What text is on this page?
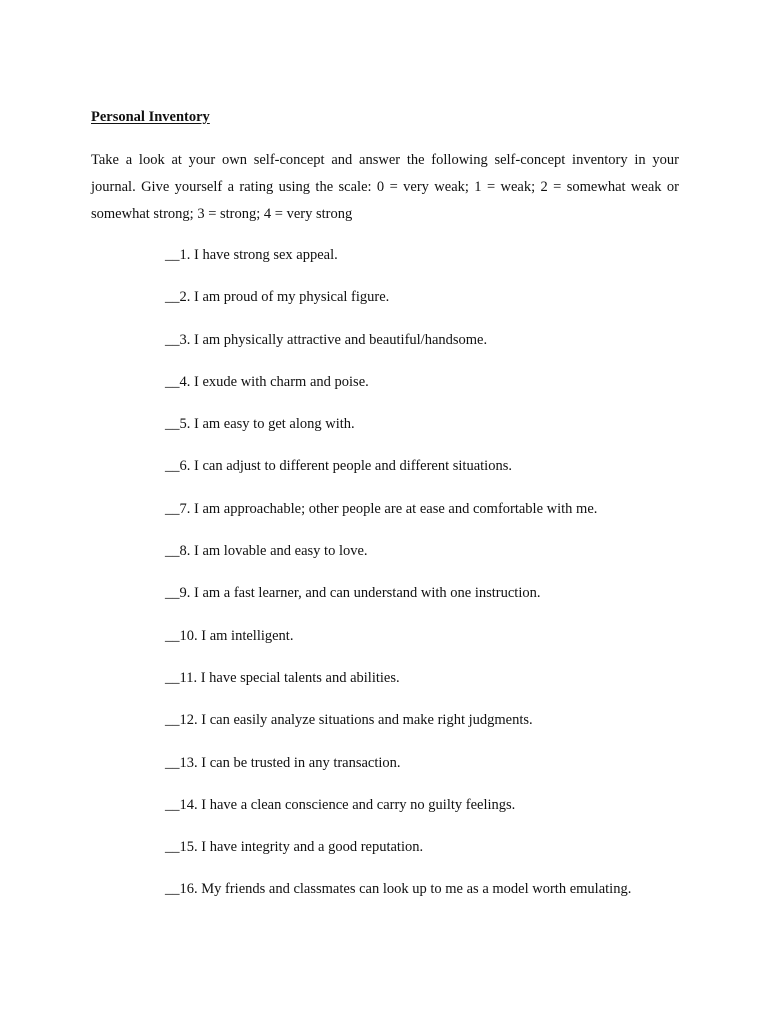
Personal Inventory

Take a look at your own self-concept and answer the following self-concept inventory in your journal. Give yourself a rating using the scale: 0 = very weak; 1 = weak; 2 = somewhat weak or somewhat strong; 3 = strong; 4 = very strong

__1. I have strong sex appeal.
__2. I am proud of my physical figure.
__3. I am physically attractive and beautiful/handsome.
__4. I exude with charm and poise.
__5. I am easy to get along with.
__6. I can adjust to different people and different situations.
__7. I am approachable; other people are at ease and comfortable with me.
__8. I am lovable and easy to love.
__9. I am a fast learner, and can understand with one instruction.
__10. I am intelligent.
__11. I have special talents and abilities.
__12. I can easily analyze situations and make right judgments.
__13. I can be trusted in any transaction.
__14. I have a clean conscience and carry no guilty feelings.
__15. I have integrity and a good reputation.
__16. My friends and classmates can look up to me as a model worth emulating.
